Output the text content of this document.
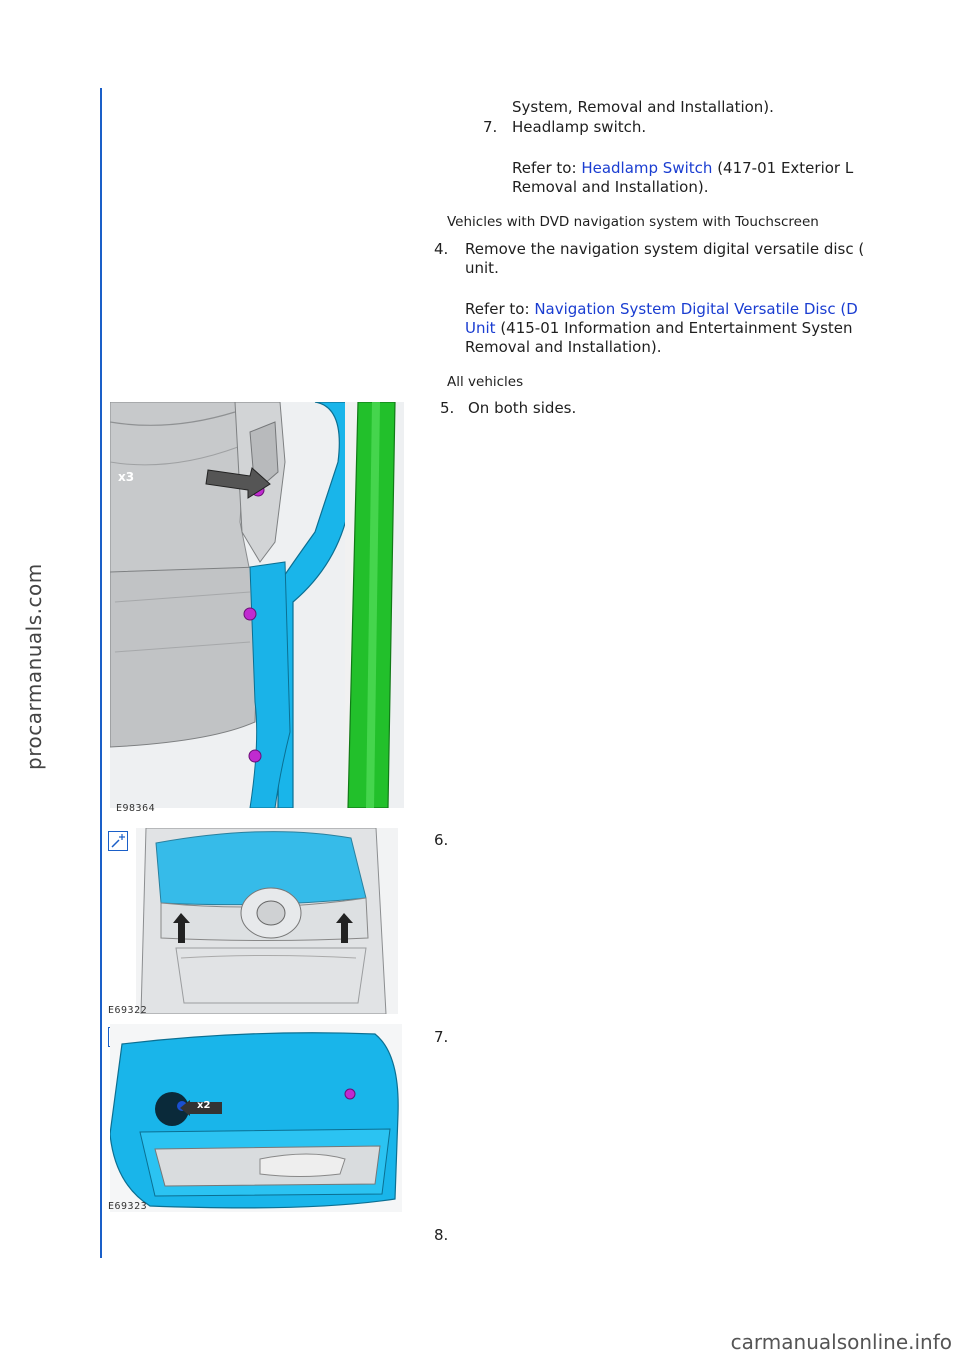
procarmanuals.com
System, Removal and Installation).
7. Headlamp switch.
Refer to: Headlamp Switch (417-01 Exterior L
Removal and Installation).
Vehicles with DVD navigation system with Touchscreen
4. Remove the navigation system digital versatile disc (
unit.
Refer to: Navigation System Digital Versatile Disc (D
Unit (415-01 Information and Entertainment Systen
Removal and Installation).
All vehicles
5. On both sides.
x3
E98364
6.
E69322
7.
x2
E69323
8.
carmanualsonline.info
